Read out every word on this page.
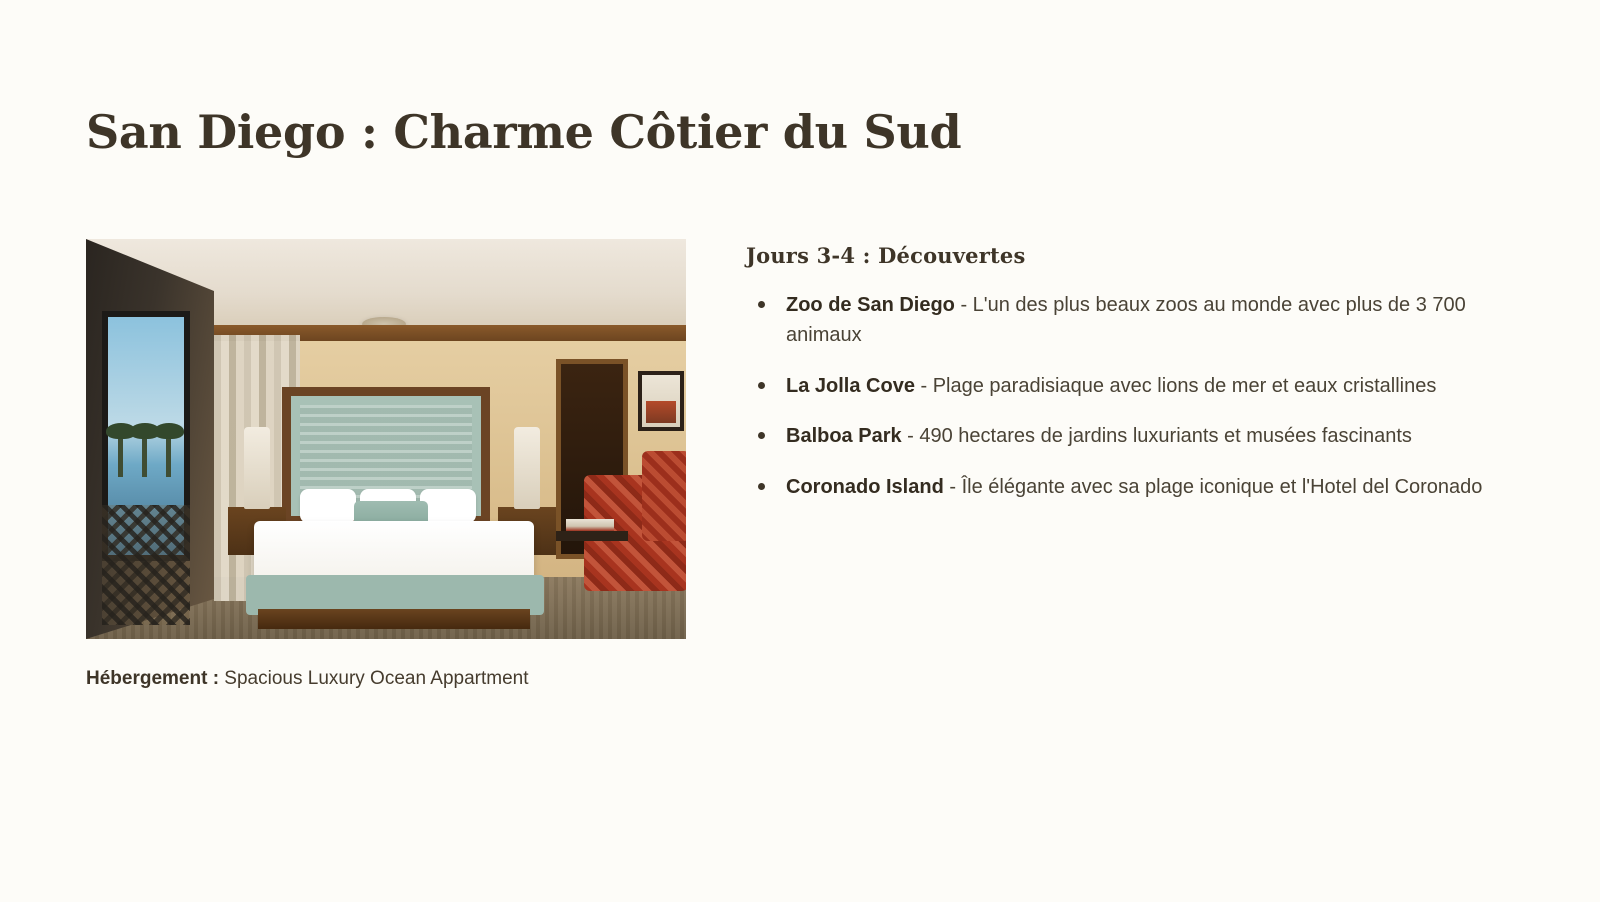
San Diego : Charme Côtier du Sud

Hébergement : Spacious Luxury Ocean Appartment

Jours 3-4 : Découvertes
Zoo de San Diego - L'un des plus beaux zoos au monde avec plus de 3 700 animaux
La Jolla Cove - Plage paradisiaque avec lions de mer et eaux cristallines
Balboa Park - 490 hectares de jardins luxuriants et musées fascinants
Coronado Island - Île élégante avec sa plage iconique et l'Hotel del Coronado
